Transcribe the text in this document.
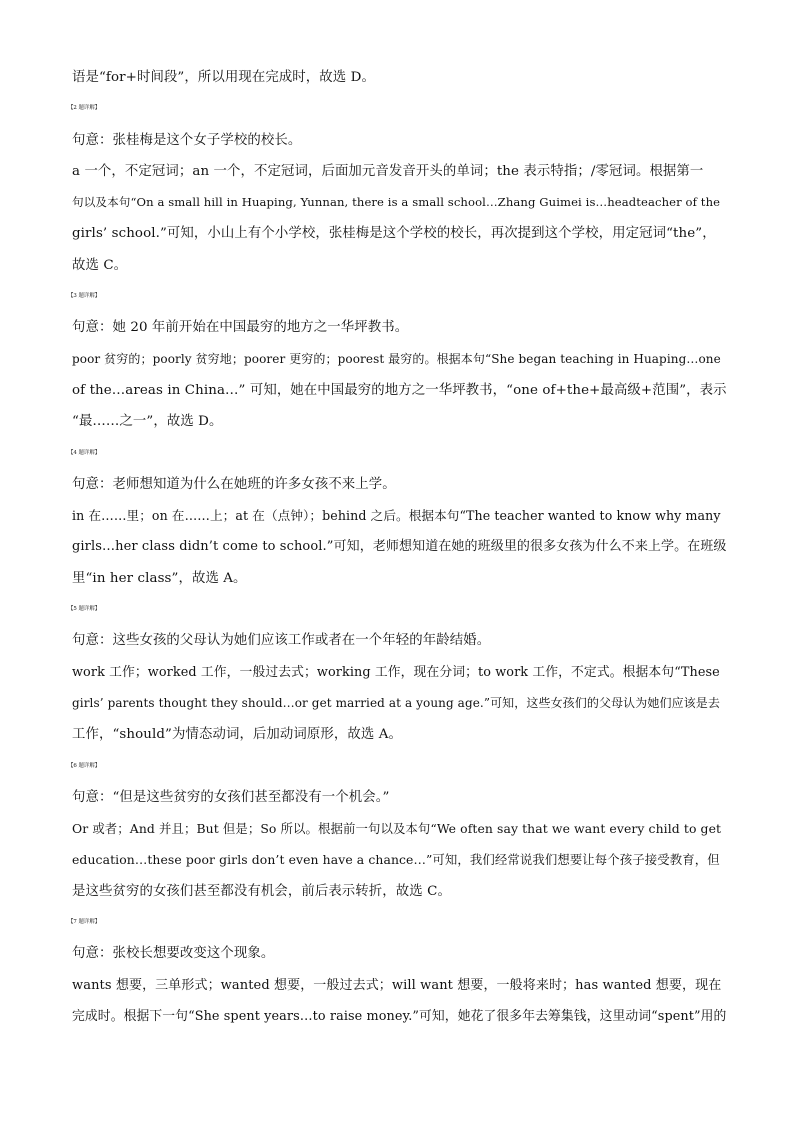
语是“for+时间段”，所以用现在完成时，故选 D。
【2 题详解】
句意：张桂梅是这个女子学校的校长。
a 一个，不定冠词；an 一个，不定冠词，后面加元音发音开头的单词；the 表示特指；/零冠词。根据第一
句以及本句“On a small hill in Huaping, Yunnan, there is a small school…Zhang Guimei is…headteacher of the
girls’ school.”可知，小山上有个小学校，张桂梅是这个学校的校长，再次提到这个学校，用定冠词“the”，
故选 C。
【3 题详解】
句意：她 20 年前开始在中国最穷的地方之一华坪教书。
poor 贫穷的；poorly 贫穷地；poorer 更穷的；poorest 最穷的。根据本句“She began teaching in Huaping…one
of the…areas in China…” 可知，她在中国最穷的地方之一华坪教书，“one of+the+最高级+范围”，表示
“最……之一”，故选 D。
【4 题详解】
句意：老师想知道为什么在她班的许多女孩不来上学。
in 在……里；on 在……上；at 在（点钟）；behind 之后。根据本句“The teacher wanted to know why many
girls…her class didn’t come to school.”可知，老师想知道在她的班级里的很多女孩为什么不来上学。在班级
里“in her class”，故选 A。
【5 题详解】
句意：这些女孩的父母认为她们应该工作或者在一个年轻的年龄结婚。
work 工作；worked 工作，一般过去式；working 工作，现在分词；to work 工作，不定式。根据本句“These
girls’ parents thought they should…or get married at a young age.”可知，这些女孩们的父母认为她们应该是去
工作，“should”为情态动词，后加动词原形，故选 A。
【6 题详解】
句意：“但是这些贫穷的女孩们甚至都没有一个机会。”
Or 或者；And 并且；But 但是；So 所以。根据前一句以及本句“We often say that we want every child to get
education…these poor girls don’t even have a chance…”可知，我们经常说我们想要让每个孩子接受教育，但
是这些贫穷的女孩们甚至都没有机会，前后表示转折，故选 C。
【7 题详解】
句意：张校长想要改变这个现象。
wants 想要，三单形式；wanted 想要，一般过去式；will want 想要，一般将来时；has wanted 想要，现在
完成时。根据下一句“She spent years…to raise money.”可知，她花了很多年去筹集钱，这里动词“spent”用的
